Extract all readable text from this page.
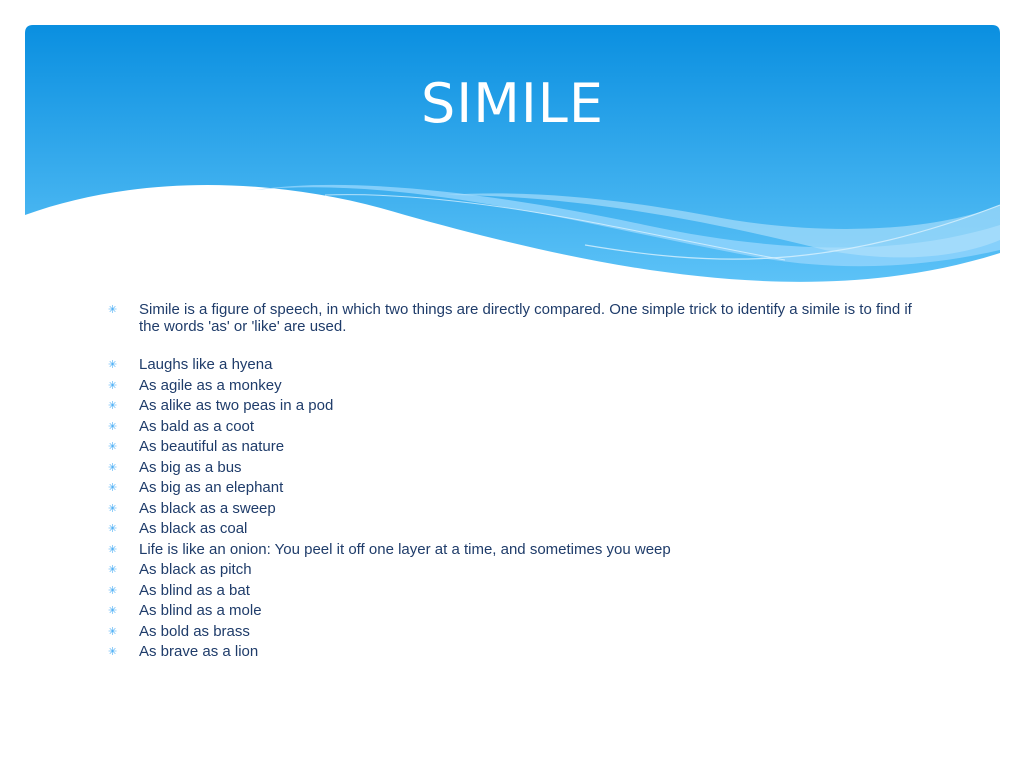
SIMILE
✳	Simile is a figure of speech, in which two things are directly compared. One simple trick to identify a simile is to find if the words 'as' or 'like' are used.
✳	Laughs like a hyena
✳	As agile as a monkey
✳	As alike as two peas in a pod
✳	As bald as a coot
✳	As beautiful as nature
✳	As big as a bus
✳	As big as an elephant
✳	As black as a sweep
✳	As black as coal
✳	Life is like an onion: You peel it off one layer at a time, and sometimes you weep
✳	As black as pitch
✳	As blind as a bat
✳	As blind as a mole
✳	As bold as brass
✳	As brave as a lion
